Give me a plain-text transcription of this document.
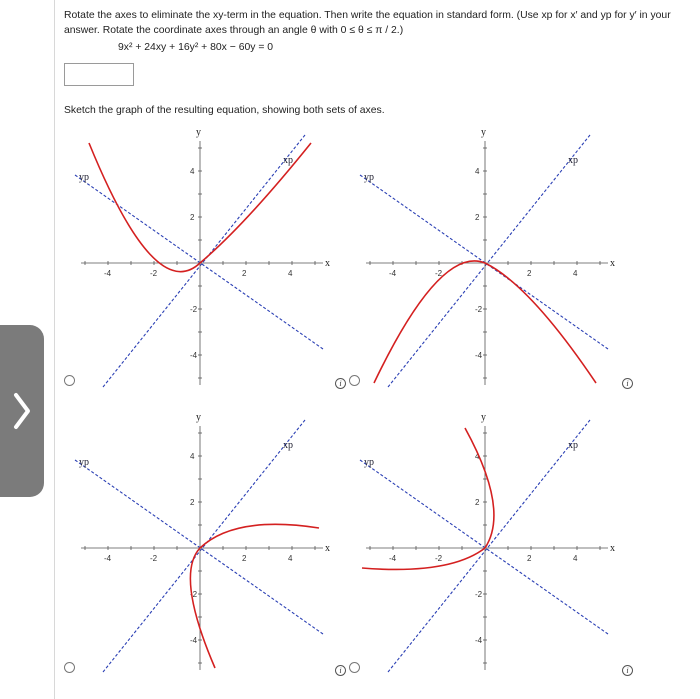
Rotate the axes to eliminate the xy-term in the equation. Then write the equation in standard form. (Use xp for x′ and yp for y′ in your answer. Rotate the coordinate axes through an angle θ with 0 ≤ θ ≤ π / 2.)
9x² + 24xy + 16y² + 80x − 60y = 0
Sketch the graph of the resulting equation, showing both sets of axes.
-4	-2	2	4
4
2
-2
-4
y
x
xp
yp
i
-4	-2	2	4
4
2
-2
-4
y
x
xp
yp
i
-4	-2	2	4
4
2
-2
-4
y
x
xp
yp
i
-4	-2	2	4
4
2
-2
-4
y
x
xp
yp
i
